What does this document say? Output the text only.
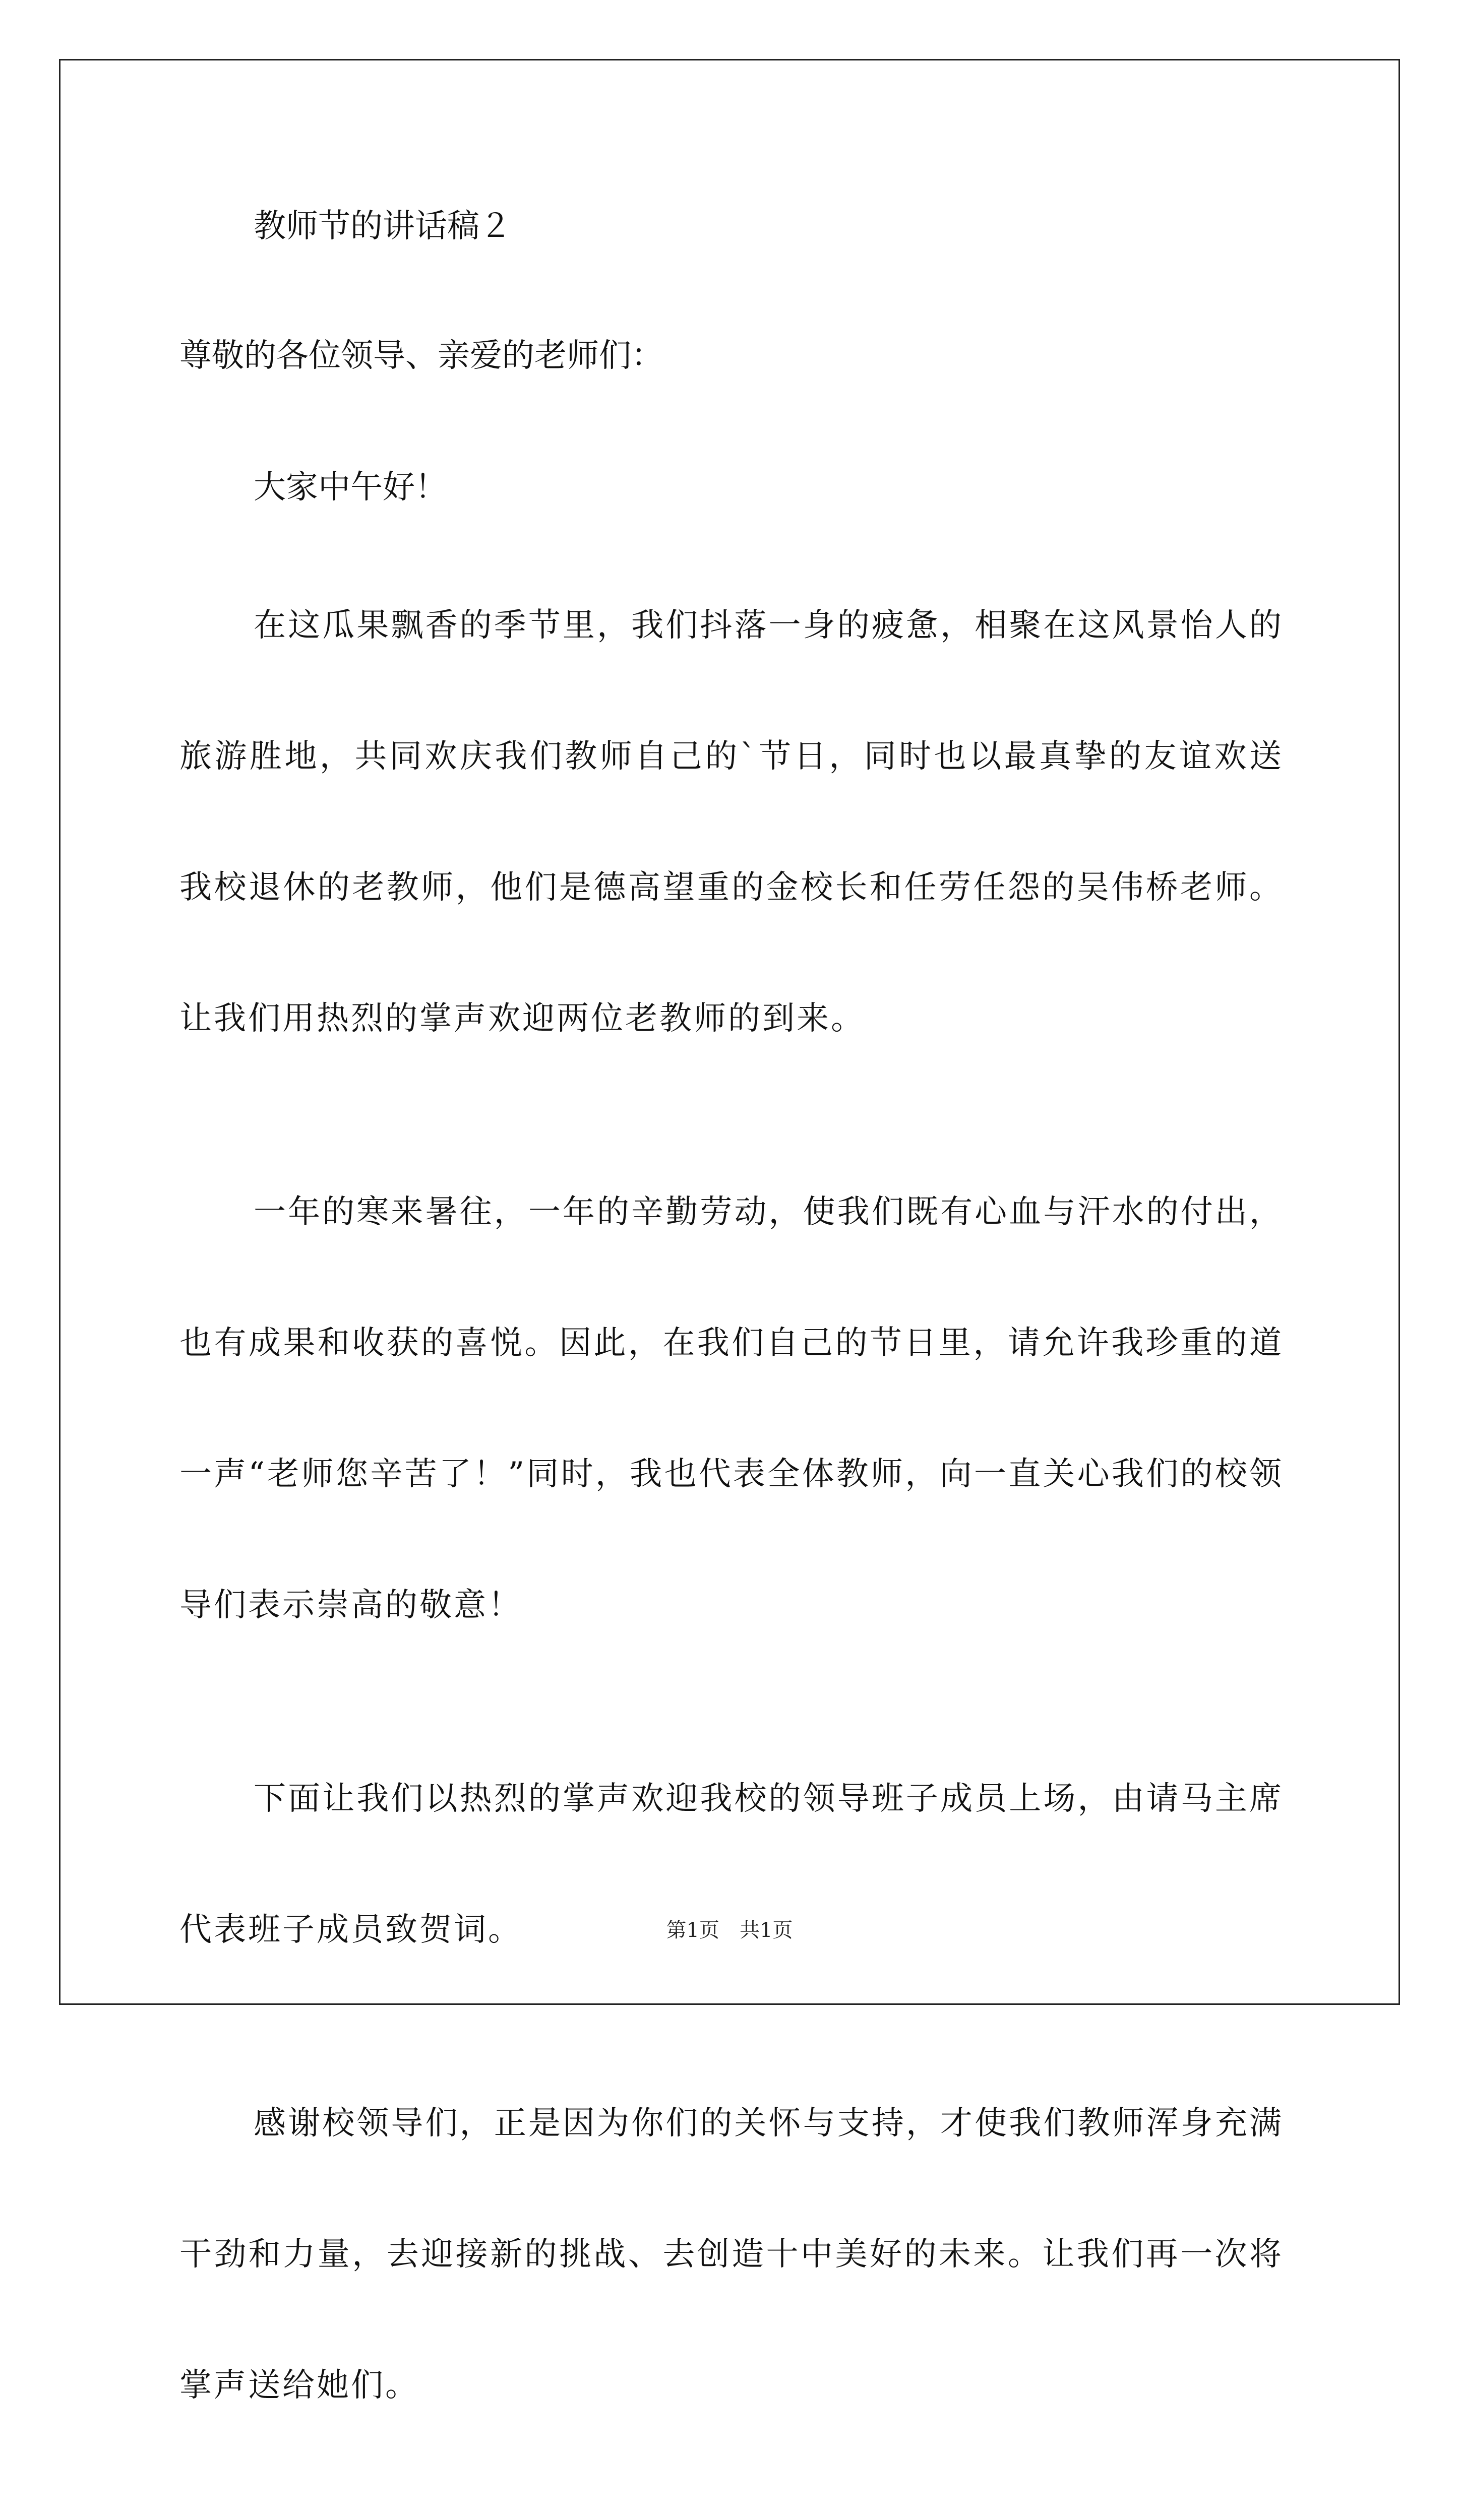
教师节的讲话稿２

尊敬的各位领导、亲爱的老师们：

大家中午好！

在这瓜果飘香的季节里，我们抖落一身的疲惫，相聚在这风景怡人的旅游胜地，共同欢庆我们教师自己的`节日，同时也以最真挚的友谊欢送我校退休的老教师，他们是德高望重的金校长和任劳任怨的吴伟桥老师。让我们用热烈的掌声欢迎两位老教师的到来。

一年的寒来暑往，一年的辛勤劳动，使我们既有心血与汗水的付出，也有成果和收获的喜悦。因此，在我们自己的节日里，请允许我珍重的道一声“老师您辛苦了！”同时，我也代表全体教师，向一直关心我们的校领导们表示崇高的敬意！

下面让我们以热烈的掌声欢迎我校的领导班子成员上场，由请马主席代表班子成员致贺词。

感谢校领导们，正是因为你们的关怀与支持，才使我们教师浑身充满干劲和力量，去迎接新的挑战、去创造十中美好的未来。让我们再一次将掌声送给她们。

第1页 共1页
